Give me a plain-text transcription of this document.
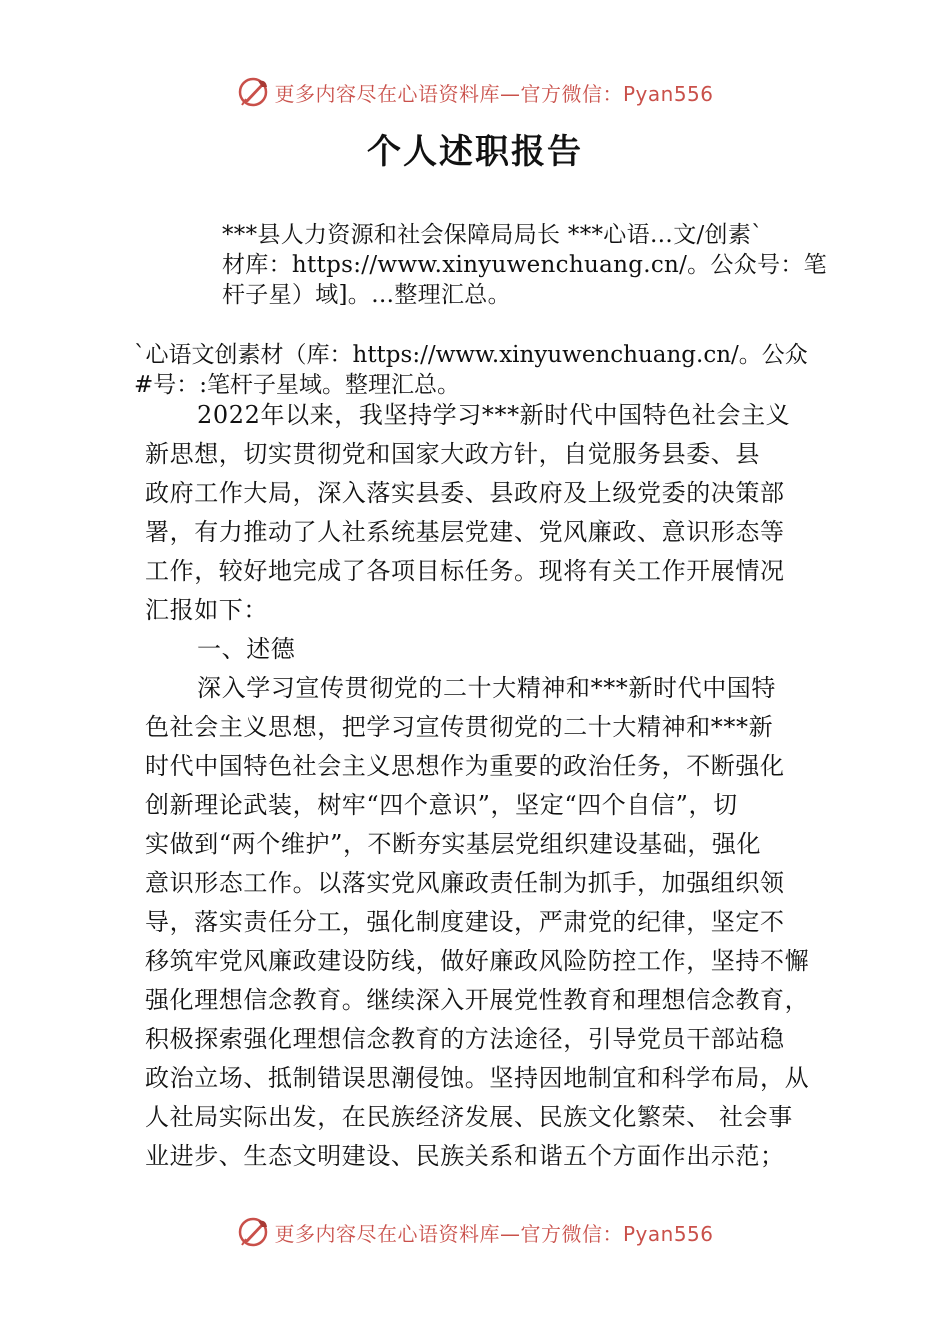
更多内容尽在心语资料库—官方微信：Pyan556
个人述职报告
***县人力资源和社会保障局局长 ***心语…文/创素`
材库：https://www.xinyuwenchuang.cn/。公众号：笔
杆子星）域]。…整理汇总。
`心语文创素材（库：https://www.xinyuwenchuang.cn/。公众
#号：:笔杆子星域。整理汇总。
2022年以来，我坚持学习***新时代中国特色社会主义
新思想，切实贯彻党和国家大政方针，自觉服务县委、县
政府工作大局，深入落实县委、县政府及上级党委的决策部
署，有力推动了人社系统基层党建、党风廉政、意识形态等
工作，较好地完成了各项目标任务。现将有关工作开展情况
汇报如下：
一、述德
深入学习宣传贯彻党的二十大精神和***新时代中国特
色社会主义思想，把学习宣传贯彻党的二十大精神和***新
时代中国特色社会主义思想作为重要的政治任务，不断强化
创新理论武装，树牢“四个意识”，坚定“四个自信”，切
实做到“两个维护”，不断夯实基层党组织建设基础，强化
意识形态工作。以落实党风廉政责任制为抓手，加强组织领
导，落实责任分工，强化制度建设，严肃党的纪律，坚定不
移筑牢党风廉政建设防线，做好廉政风险防控工作，坚持不懈
强化理想信念教育。继续深入开展党性教育和理想信念教育，
积极探索强化理想信念教育的方法途径，引导党员干部站稳
政治立场、抵制错误思潮侵蚀。坚持因地制宜和科学布局，从
人社局实际出发，在民族经济发展、民族文化繁荣、 社会事
业进步、生态文明建设、民族关系和谐五个方面作出示范；
更多内容尽在心语资料库—官方微信：Pyan556
